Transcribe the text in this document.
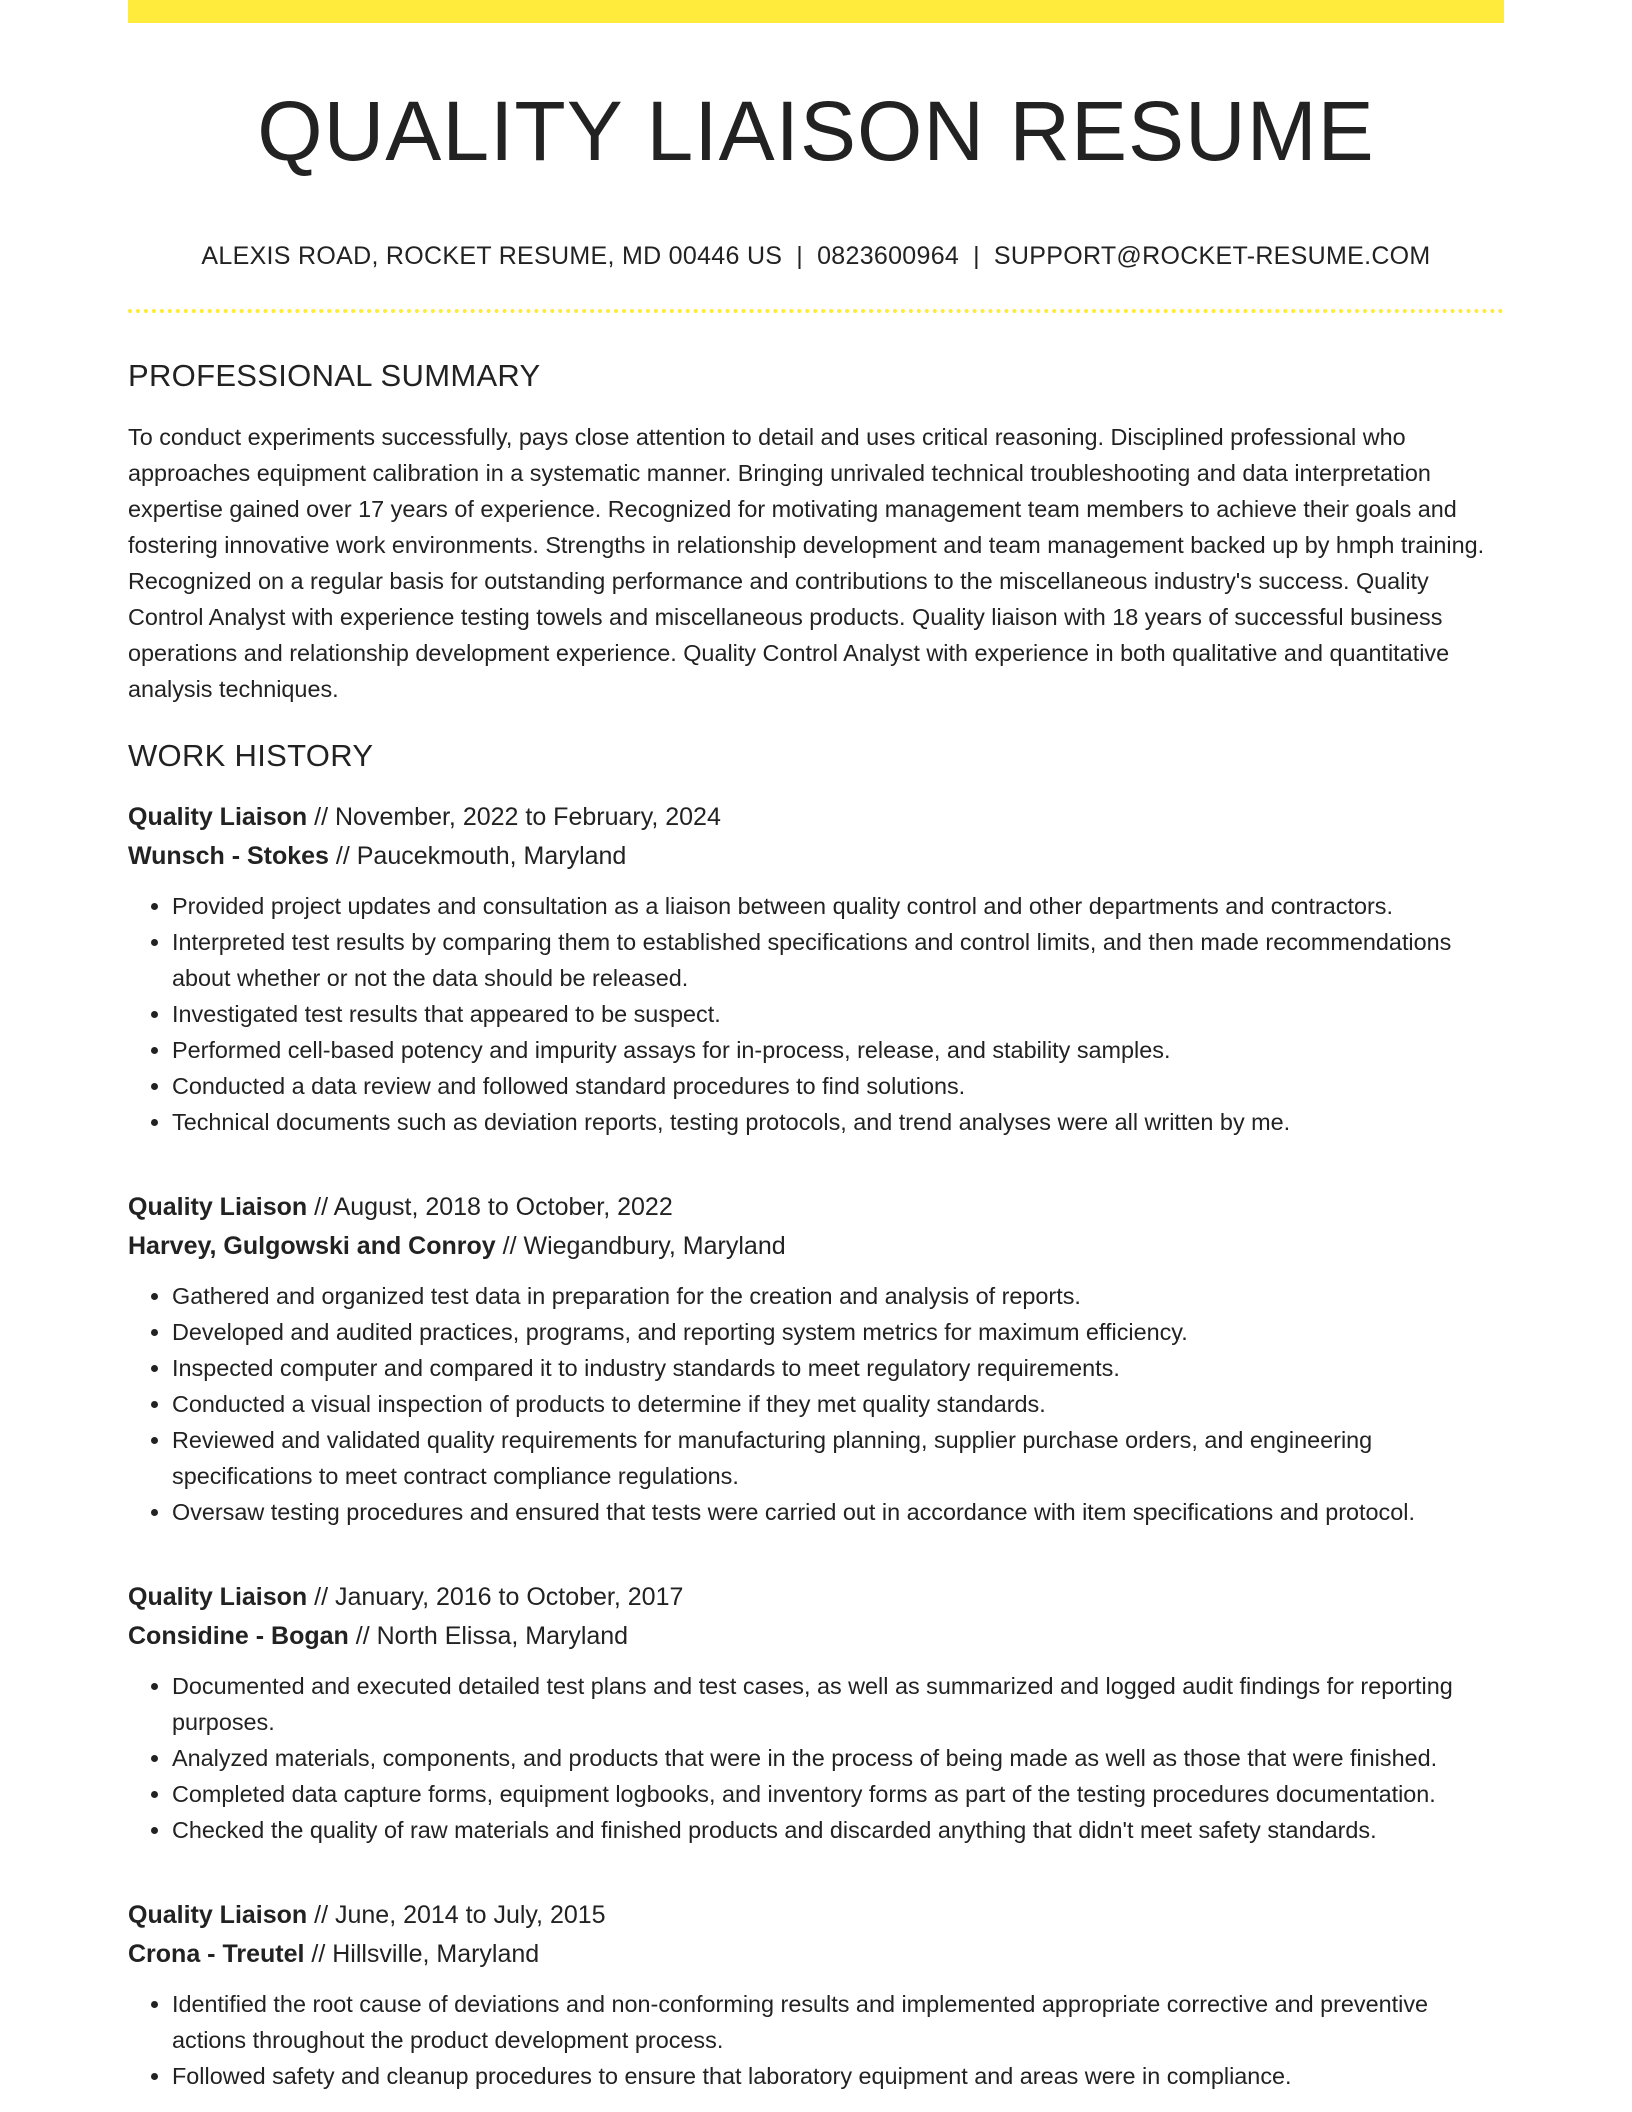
QUALITY LIAISON RESUME
ALEXIS ROAD, ROCKET RESUME, MD 00446 US | 0823600964 | SUPPORT@ROCKET-RESUME.COM
PROFESSIONAL SUMMARY

To conduct experiments successfully, pays close attention to detail and uses critical reasoning. Disciplined professional who approaches equipment calibration in a systematic manner. Bringing unrivaled technical troubleshooting and data interpretation expertise gained over 17 years of experience. Recognized for motivating management team members to achieve their goals and fostering innovative work environments. Strengths in relationship development and team management backed up by hmph training. Recognized on a regular basis for outstanding performance and contributions to the miscellaneous industry's success. Quality Control Analyst with experience testing towels and miscellaneous products. Quality liaison with 18 years of successful business operations and relationship development experience. Quality Control Analyst with experience in both qualitative and quantitative analysis techniques.

WORK HISTORY
Quality Liaison // November, 2022 to February, 2024
Wunsch - Stokes // Paucekmouth, Maryland
• Provided project updates and consultation as a liaison between quality control and other departments and contractors.
• Interpreted test results by comparing them to established specifications and control limits, and then made recommendations about whether or not the data should be released.
• Investigated test results that appeared to be suspect.
• Performed cell-based potency and impurity assays for in-process, release, and stability samples.
• Conducted a data review and followed standard procedures to find solutions.
• Technical documents such as deviation reports, testing protocols, and trend analyses were all written by me.
Quality Liaison // August, 2018 to October, 2022
Harvey, Gulgowski and Conroy // Wiegandbury, Maryland
• Gathered and organized test data in preparation for the creation and analysis of reports.
• Developed and audited practices, programs, and reporting system metrics for maximum efficiency.
• Inspected computer and compared it to industry standards to meet regulatory requirements.
• Conducted a visual inspection of products to determine if they met quality standards.
• Reviewed and validated quality requirements for manufacturing planning, supplier purchase orders, and engineering specifications to meet contract compliance regulations.
• Oversaw testing procedures and ensured that tests were carried out in accordance with item specifications and protocol.
Quality Liaison // January, 2016 to October, 2017
Considine - Bogan // North Elissa, Maryland
• Documented and executed detailed test plans and test cases, as well as summarized and logged audit findings for reporting purposes.
• Analyzed materials, components, and products that were in the process of being made as well as those that were finished.
• Completed data capture forms, equipment logbooks, and inventory forms as part of the testing procedures documentation.
• Checked the quality of raw materials and finished products and discarded anything that didn't meet safety standards.
Quality Liaison // June, 2014 to July, 2015
Crona - Treutel // Hillsville, Maryland
• Identified the root cause of deviations and non-conforming results and implemented appropriate corrective and preventive actions throughout the product development process.
• Followed safety and cleanup procedures to ensure that laboratory equipment and areas were in compliance.
